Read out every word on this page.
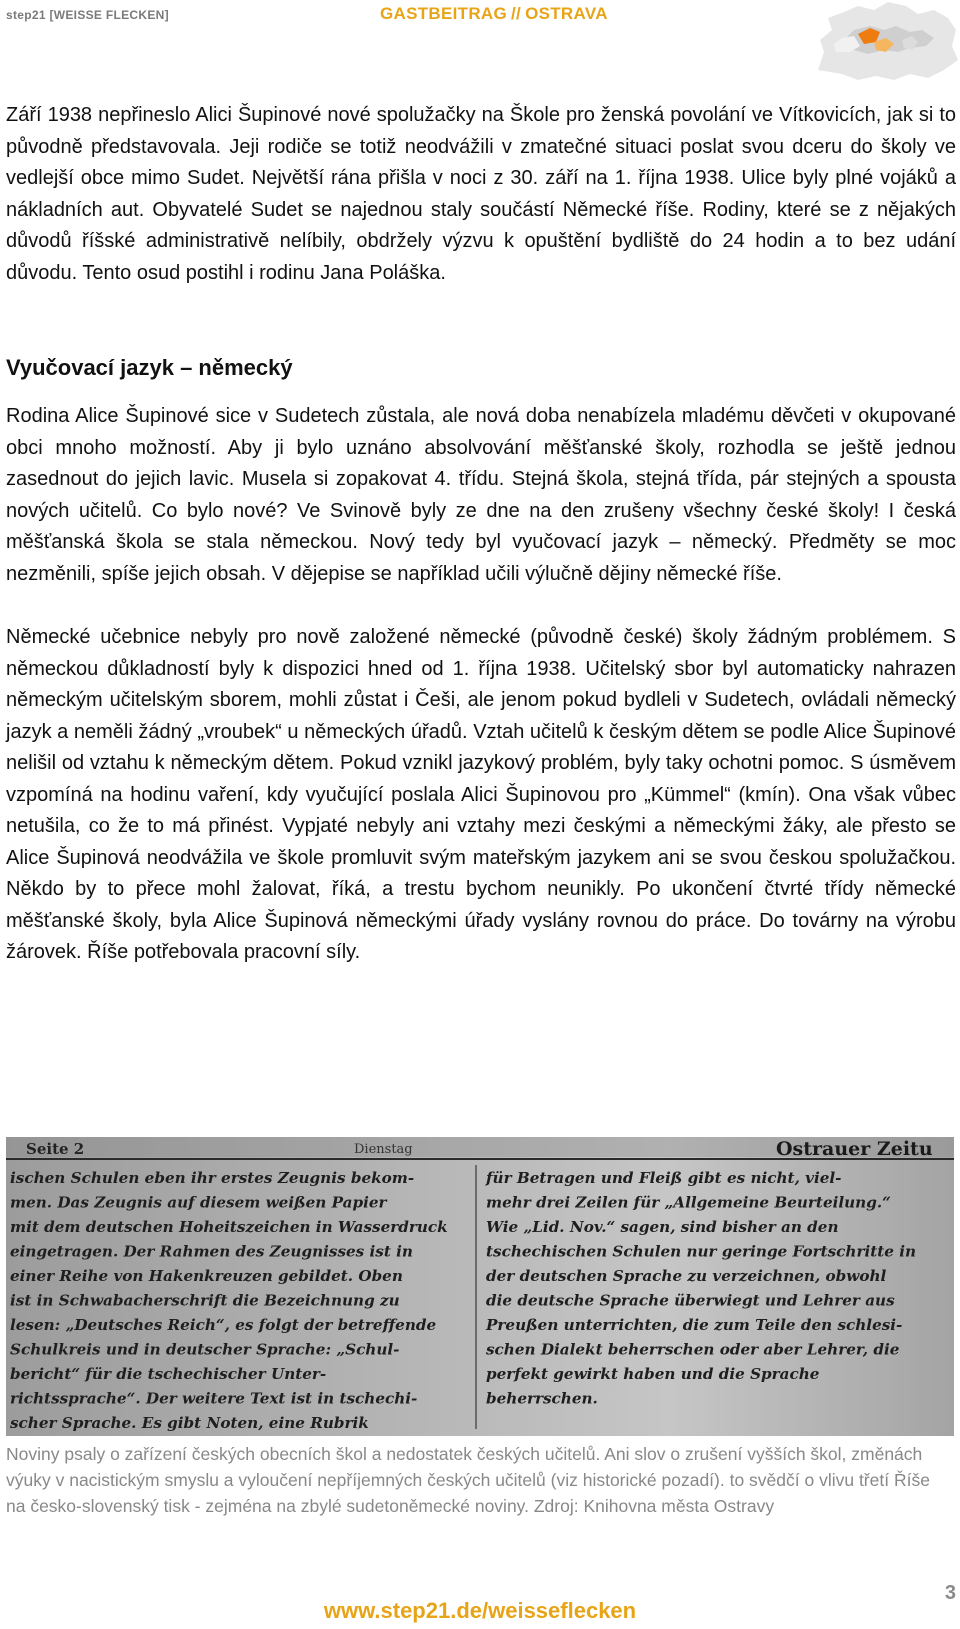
step21 [WEISSE FLECKEN]	GASTBEITRAG // OSTRAVA

Září 1938 nepřineslo Alici Šupinové nové spolužačky na Škole pro ženská povolání ve Vítkovicích, jak si to původně představovala. Jeji rodiče se totiž neodvážili v zmatečné situaci poslat svou dceru do školy ve vedlejší obce mimo Sudet. Největší rána přišla v noci z 30. září na 1. října 1938. Ulice byly plné vojáků a nákladních aut. Obyvatelé Sudet se najednou staly součástí Německé říše. Rodiny, které se z nějakých důvodů říšské administrativě nelíbily, obdržely výzvu k opuštění bydliště do 24 hodin a to bez udání důvodu. Tento osud postihl i rodinu Jana Poláška.

Vyučovací jazyk – německý

Rodina Alice Šupinové sice v Sudetech zůstala, ale nová doba nenabízela mladému děvčeti v okupované obci mnoho možností. Aby ji bylo uznáno absolvování měšťanské školy, rozhodla se ještě jednou zasednout do jejich lavic. Musela si zopakovat 4. třídu. Stejná škola, stejná třída, pár stejných a spousta nových učitelů. Co bylo nové? Ve Svinově byly ze dne na den zrušeny všechny české školy! I česká měšťanská škola se stala německou. Nový tedy byl vyučovací jazyk – německý. Předměty se moc nezměnili, spíše jejich obsah. V dějepise se například učili výlučně dějiny německé říše.

Německé učebnice nebyly pro nově založené německé (původně české) školy žádným problémem. S německou důkladností byly k dispozici hned od 1. října 1938. Učitelský sbor byl automaticky nahrazen německým učitelským sborem, mohli zůstat i Češi, ale jenom pokud bydleli v Sudetech, ovládali německý jazyk a neměli žádný „vroubek“ u německých úřadů. Vztah učitelů k českým dětem se podle Alice Šupinové nelišil od vztahu k německým dětem. Pokud vznikl jazykový problém, byly taky ochotni pomoc. S úsměvem vzpomíná na hodinu vaření, kdy vyučující poslala Alici Šupinovou pro „Kümmel“ (kmín). Ona však vůbec netušila, co že to má přinést. Vypjaté nebyly ani vztahy mezi českými a německými žáky, ale přesto se Alice Šupinová neodvážila ve škole promluvit svým mateřským jazykem ani se svou českou spolužačkou. Někdo by to přece mohl žalovat, říká, a trestu bychom neunikly. Po ukončení čtvrté třídy německé měšťanské školy, byla Alice Šupinová německými úřady vyslány rovnou do práce. Do továrny na výrobu žárovek. Říše potřebovala pracovní síly.

Seite 2	Dienstag	Ostrauer Zeitu
ischen Schulen eben ihr erstes Zeugnis bekom-
men. Das Zeugnis auf diesem weißen Papier
mit dem deutschen Hoheitszeichen in Wasserdruck
eingetragen. Der Rahmen des Zeugnisses ist in
einer Reihe von Hakenkreuzen gebildet. Oben
ist in Schwabacherschrift die Bezeichnung zu
lesen: „Deutsches Reich“, es folgt der betreffende
Schulkreis und in deutscher Sprache: „Schul-
bericht“ für die tschechischer Unter-
richtssprache“. Der weitere Text ist in tschechi-
scher Sprache. Es gibt Noten, eine Rubrik
für Betragen und Fleiß gibt es nicht, viel-
mehr drei Zeilen für „Allgemeine Beurteilung.“
Wie „Lid. Nov.“ sagen, sind bisher an den
tschechischen Schulen nur geringe Fortschritte in
der deutschen Sprache zu verzeichnen, obwohl
die deutsche Sprache überwiegt und Lehrer aus
Preußen unterrichten, die zum Teile den schlesi-
schen Dialekt beherrschen oder aber Lehrer, die
perfekt gewirkt haben und die Sprache
beherrschen.

Noviny psaly o zařízení českých obecních škol a nedostatek českých učitelů. Ani slov o zrušení vyšších škol, změnách výuky v nacistickým smyslu a vyloučení nepříjemných českých učitelů (viz historické pozadí). to svědčí o vlivu třetí Říše na česko-slovenský tisk - zejména na zbylé sudetoněmecké noviny. Zdroj: Knihovna města Ostravy

3
www.step21.de/weisseflecken
